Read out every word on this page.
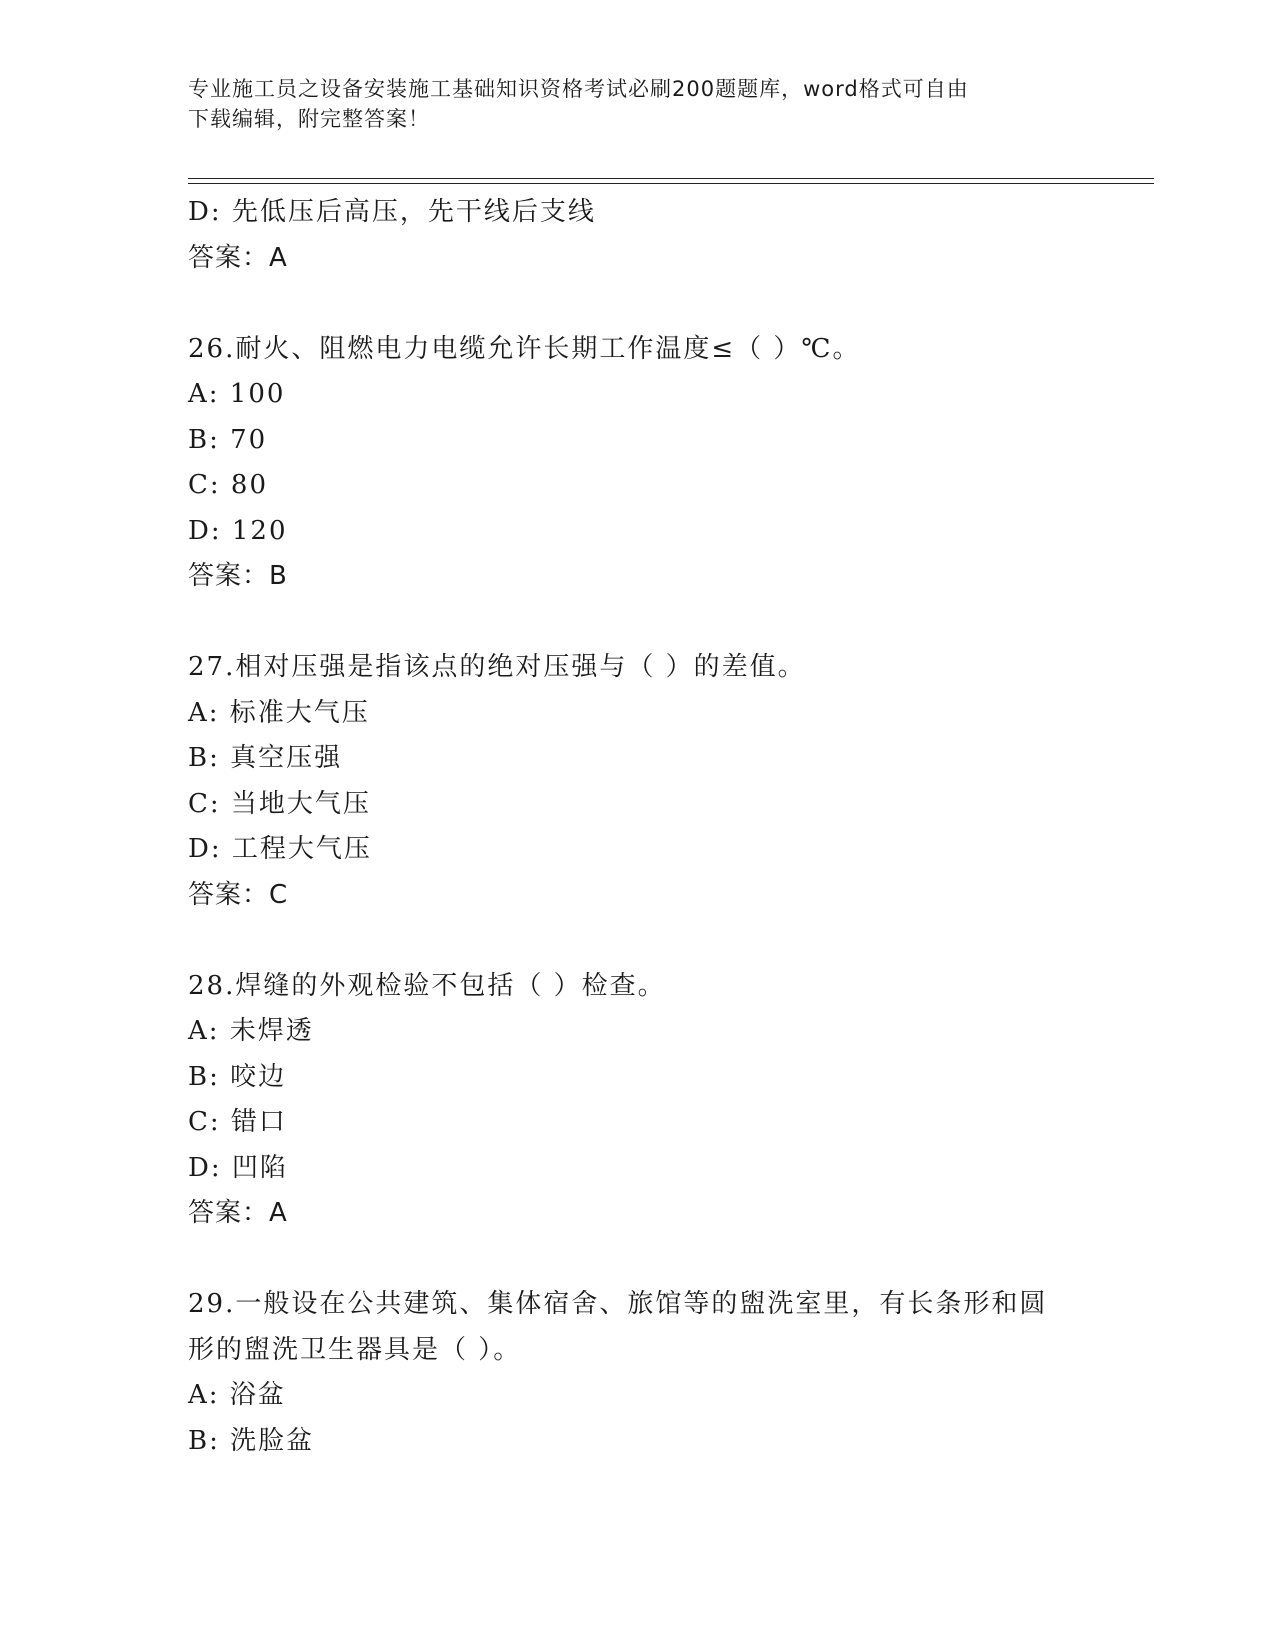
专业施工员之设备安装施工基础知识资格考试必刷200题题库，word格式可自由
下载编辑，附完整答案！
D: 先低压后高压，先干线后支线
答案：A
26.耐火、阻燃电力电缆允许长期工作温度≤（ ）℃。
A: 100
B: 70
C: 80
D: 120
答案：B
27.相对压强是指该点的绝对压强与（ ）的差值。
A: 标准大气压
B: 真空压强
C: 当地大气压
D: 工程大气压
答案：C
28.焊缝的外观检验不包括（ ）检查。
A: 未焊透
B: 咬边
C: 错口
D: 凹陷
答案：A
29.一般设在公共建筑、集体宿舍、旅馆等的盥洗室里，有长条形和圆
形的盥洗卫生器具是（ ）。
A: 浴盆
B: 洗脸盆
